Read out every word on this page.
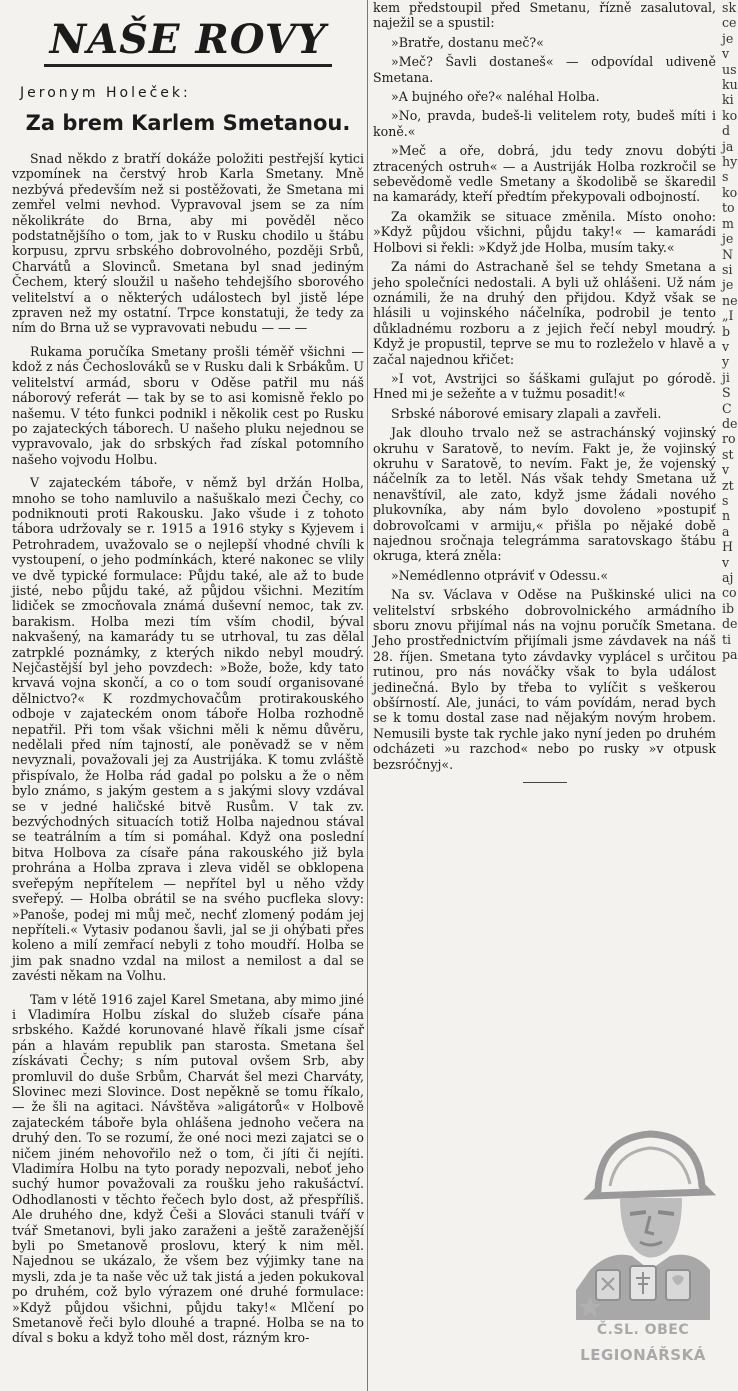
NAŠE ROVY
Jeronym Holeček:
Za brem Karlem Smetanou.

Snad někdo z bratří dokáže položiti pestřejší kytici vzpomínek na čerstvý hrob Karla Smetany. Mně nezbývá především než si postěžovati, že Smetana mi zemřel velmi nevhod. Vypravoval jsem se za ním několikráte do Brna, aby mi pověděl něco podstatnějšího o tom, jak to v Rusku chodilo u štábu korpusu, zprvu srbského dobrovolného, později Srbů, Charvátů a Slovinců. Smetana byl snad jediným Čechem, který sloužil u našeho tehdejšího sborového velitelství a o některých událostech byl jistě lépe zpraven než my ostatní. Trpce konstatuji, že tedy za ním do Brna už se vypravovati nebudu — — —

Rukama poručíka Smetany prošli téměř všichni — kdož z nás Čechoslováků se v Rusku dali k Srbákům. U velitelství armád, sboru v Oděse patřil mu náš náborový referát — tak by se to asi komisně řeklo po našemu. V této funkci podnikl i několik cest po Rusku po zajateckých táborech. U našeho pluku nejednou se vypravovalo, jak do srbských řad získal potomního našeho vojvodu Holbu.

V zajateckém táboře, v němž byl držán Holba, mnoho se toho namluvilo a našuškalo mezi Čechy, co podniknouti proti Rakousku. Jako všude i z tohoto tábora udržovaly se r. 1915 a 1916 styky s Kyjevem i Petrohradem, uvažovalo se o nejlepší vhodné chvíli k vystoupení, o jeho podmínkách, které nakonec se vlily ve dvě typické formulace: Půjdu také, ale až to bude jisté, nebo půjdu také, až půjdou všichni. Mezitím lidiček se zmocňovala známá duševní nemoc, tak zv. barakism. Holba mezi tím vším chodil, býval nakvašený, na kamarády tu se utrhoval, tu zas dělal zatrpklé poznámky, z kterých nikdo nebyl moudrý. Nejčastější byl jeho povzdech: »Bože, bože, kdy tato krvavá vojna skončí, a co o tom soudí organisované dělnictvo?« K rozdmychovačům protirakouského odboje v zajateckém onom táboře Holba rozhodně nepatřil. Při tom však všichni měli k němu důvěru, nedělali před ním tajností, ale poněvadž se v něm nevyznali, považovali jej za Austrijáka. K tomu zvláště přispívalo, že Holba rád gadal po polsku a že o něm bylo známo, s jakým gestem a s jakými slovy vzdával se v jedné haličské bitvě Rusům. V tak zv. bezvýchodných situacích totiž Holba najednou stával se teatrálním a tím si pomáhal. Když ona poslední bitva Holbova za císaře pána rakouského již byla prohrána a Holba zprava i zleva viděl se obklopena sveřepým nepřítelem — nepřítel byl u něho vždy sveřepý. — Holba obrátil se na svého pucfleka slovy: »Panoše, podej mi můj meč, nechť zlomený podám jej nepříteli.« Vytasiv podanou šavli, jal se ji ohýbati přes koleno a milí zemřací nebyli z toho moudří. Holba se jim pak snadno vzdal na milost a nemilost a dal se zavésti někam na Volhu.

Tam v létě 1916 zajel Karel Smetana, aby mimo jiné i Vladimíra Holbu získal do služeb císaře pána srbského. Každé korunované hlavě říkali jsme císař pán a hlavám republik pan starosta. Smetana šel získávati Čechy; s ním putoval ovšem Srb, aby promluvil do duše Srbům, Charvát šel mezi Charváty, Slovinec mezi Slovince. Dost nepěkně se tomu říkalo, — že šli na agitaci. Návštěva »aligátorů« v Holbově zajateckém táboře byla ohlášena jednoho večera na druhý den. To se rozumí, že oné noci mezi zajatci se o ničem jiném nehovořilo než o tom, či jíti či nejíti. Vladimíra Holbu na tyto porady nepozvali, neboť jeho suchý humor považovali za roušku jeho rakušáctví. Odhodlanosti v těchto řečech bylo dost, až přespříliš. Ale druhého dne, když Češi a Slováci stanuli tváří v tvář Smetanovi, byli jako zaraženi a ještě zaraženější byli po Smetanově proslovu, který k nim měl. Najednou se ukázalo, že všem bez výjimky tane na mysli, zda je ta naše věc už tak jistá a jeden pokukoval po druhém, což bylo výrazem oné druhé formulace: »Když půjdou všichni, půjdu taky!« Mlčení po Smetanově řeči bylo dlouhé a trapné. Holba se na to díval s boku a když toho měl dost, rázným kro-

kem předstoupil před Smetanu, řízně zasalutoval, naježil se a spustil:

»Bratře, dostanu meč?«

»Meč? Šavli dostaneš« — odpovídal udiveně Smetana.

»A bujného oře?« naléhal Holba.

»No, pravda, budeš-li velitelem roty, budeš míti i koně.«

»Meč a oře, dobrá, jdu tedy znovu dobýti ztracených ostruh« — a Austriják Holba rozkročil se sebevědomě vedle Smetany a škodolibě se škaredil na kamarády, kteří předtím překypovali odbojností.

Za okamžik se situace změnila. Místo onoho: »Když půjdou všichni, půjdu taky!« — kamarádi Holbovi si řekli: »Když jde Holba, musím taky.«

Za námi do Astrachaně šel se tehdy Smetana a jeho společníci nedostali. A byli už ohlášeni. Už nám oznámili, že na druhý den přijdou. Když však se hlásili u vojinského náčelníka, podrobil je tento důkladnému rozboru a z jejich řečí nebyl moudrý. Když je propustil, teprve se mu to rozleželo v hlavě a začal najednou křičet:

»I vot, Avstrijci so šáškami guľajut po górodě. Hned mi je sežeňte a v tužmu posadit!«

Srbské náborové emisary zlapali a zavřeli.

Jak dlouho trvalo než se astrachánský vojinský okruhu v Saratově, to nevím. Fakt je, že vojinský okruhu v Saratově, to nevím. Fakt je, že vojenský náčelník za to letěl. Nás však tehdy Smetana už nenavštívil, ale zato, když jsme žádali nového plukovníka, aby nám bylo dovoleno »postupiť dobrovoľcami v armiju,« přišla po nějaké době najednou sročnaja telegrámma saratovskago štábu okruga, která zněla:

»Nemédlenno otpráviť v Odessu.«

Na sv. Václava v Oděse na Puškinské ulici na velitelství srbského dobrovolnického armádního sboru znovu přijímal nás na vojnu poručík Smetana. Jeho prostřednictvím přijímali jsme závdavek na náš 28. říjen. Smetana tyto závdavky vyplácel s určitou rutinou, pro nás nováčky však to byla událost jedinečná. Bylo by třeba to vylíčit s veškerou obšírností. Ale, junáci, to vám povídám, nerad bych se k tomu dostal zase nad nějakým novým hrobem. Nemusili byste tak rychle jako nyní jeden po druhém odcházeti »u razchod« nebo po rusky »v otpusk bezsróčnyj«.

sk
ce
je
v
us
ku
ki
ko
d
ja
hy
s
ko
to
m
je
N
si
je
ne
„I
b
v
y
ji
S
C
de
ro
st
v
zt
s
n
a
H
v
aj
co
ib
de
ti
pa
Č.SL. OBEC
LEGIONÁŘSKÁ
